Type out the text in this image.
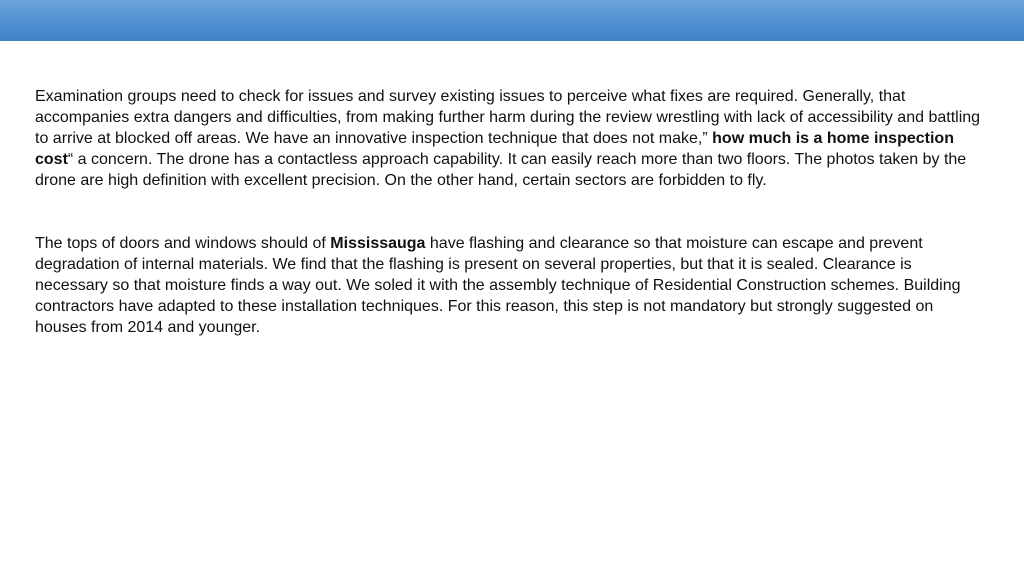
Examination groups need to check for issues and survey existing issues to perceive what fixes are required. Generally, that accompanies extra dangers and difficulties, from making further harm during the review wrestling with lack of accessibility and battling to arrive at blocked off areas. We have an innovative inspection technique that does not make,” how much is a home inspection cost“ a concern. The drone has a contactless approach capability. It can easily reach more than two floors. The photos taken by the drone are high definition with excellent precision. On the other hand, certain sectors are forbidden to fly.

The tops of doors and windows should of Mississauga have flashing and clearance so that moisture can escape and prevent degradation of internal materials. We find that the flashing is present on several properties, but that it is sealed. Clearance is necessary so that moisture finds a way out. We soled it with the assembly technique of Residential Construction schemes. Building contractors have adapted to these installation techniques. For this reason, this step is not mandatory but strongly suggested on houses from 2014 and younger.
